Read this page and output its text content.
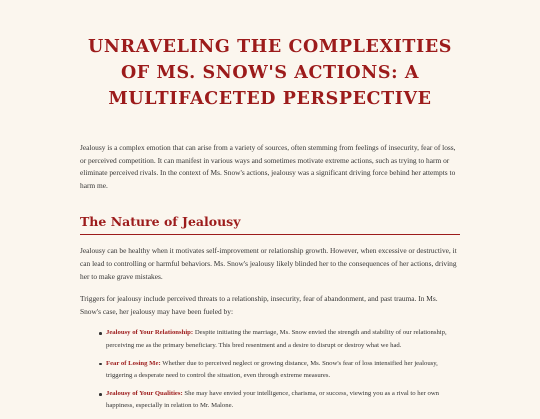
UNRAVELING THE COMPLEXITIES OF MS. SNOW'S ACTIONS: A MULTIFACETED PERSPECTIVE

Jealousy is a complex emotion that can arise from a variety of sources, often stemming from feelings of insecurity, fear of loss, or perceived competition. It can manifest in various ways and sometimes motivate extreme actions, such as trying to harm or eliminate perceived rivals. In the context of Ms. Snow's actions, jealousy was a significant driving force behind her attempts to harm me.

The Nature of Jealousy

Jealousy can be healthy when it motivates self-improvement or relationship growth. However, when excessive or destructive, it can lead to controlling or harmful behaviors. Ms. Snow's jealousy likely blinded her to the consequences of her actions, driving her to make grave mistakes.

Triggers for jealousy include perceived threats to a relationship, insecurity, fear of abandonment, and past trauma. In Ms. Snow's case, her jealousy may have been fueled by:

Jealousy of Your Relationship: Despite initiating the marriage, Ms. Snow envied the strength and stability of our relationship, perceiving me as the primary beneficiary. This bred resentment and a desire to disrupt or destroy what we had.
Fear of Losing Me: Whether due to perceived neglect or growing distance, Ms. Snow's fear of loss intensified her jealousy, triggering a desperate need to control the situation, even through extreme measures.
Jealousy of Your Qualities: She may have envied your intelligence, charisma, or success, viewing you as a rival to her own happiness, especially in relation to Mr. Malone.
